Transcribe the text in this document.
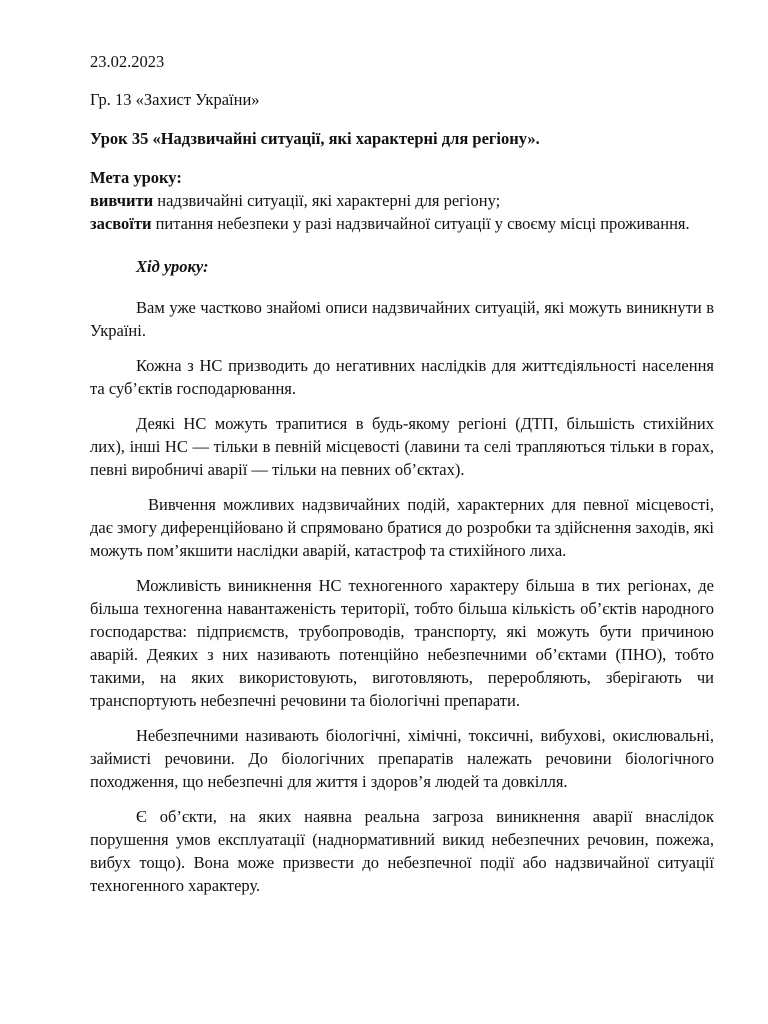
23.02.2023

Гр. 13 «Захист України»

Урок 35 «Надзвичайні ситуації, які характерні для регіону».

Мета уроку:

вивчити надзвичайні ситуації, які характерні для регіону;

засвоїти питання небезпеки у разі надзвичайної ситуації у своєму місці проживання.

Хід уроку:

Вам уже частково знайомі описи надзвичайних ситуацій, які можуть виникнути в Україні.

Кожна з НС призводить до негативних наслідків для життєдіяльності населення та суб’єктів господарювання.

Деякі НС можуть трапитися в будь-якому регіоні (ДТП, більшість стихійних лих), інші НС — тільки в певній місцевості (лавини та селі трапляються тільки в горах, певні виробничі аварії — тільки на певних об’єктах).

Вивчення можливих надзвичайних подій, характерних для певної місцевості, дає змогу диференційовано й спрямовано братися до розробки та здійснення заходів, які можуть пом’якшити наслідки аварій, катастроф та стихійного лиха.

Можливість виникнення НС техногенного характеру більша в тих регіонах, де більша техногенна навантаженість території, тобто більша кількість об’єктів народного господарства: підприємств, трубопроводів, транспорту, які можуть бути причиною аварій. Деяких з них називають потенційно небезпечними об’єктами (ПНО), тобто такими, на яких використовують, виготовляють, переробляють, зберігають чи транспортують небезпечні речовини та біологічні препарати.

Небезпечними називають біологічні, хімічні, токсичні, вибухові, окислювальні, займисті речовини. До біологічних препаратів належать речовини біологічного походження, що небезпечні для життя і здоров’я людей та довкілля.

Є об’єкти, на яких наявна реальна загроза виникнення аварії внаслідок порушення умов експлуатації (наднормативний викид небезпечних речовин, пожежа, вибух тощо). Вона може призвести до небезпечної події або надзвичайної ситуації техногенного характеру.
